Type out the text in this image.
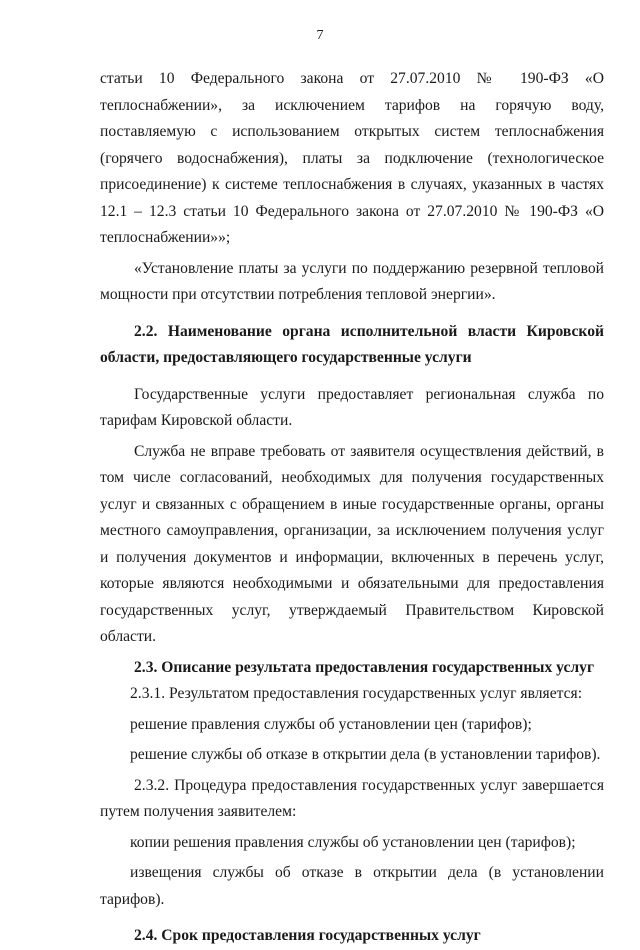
7

статьи 10 Федерального закона от 27.07.2010 № 190-ФЗ «О теплоснабжении», за исключением тарифов на горячую воду, поставляемую с использованием открытых систем теплоснабжения (горячего водоснабжения), платы за подключение (технологическое присоединение) к системе теплоснабжения в случаях, указанных в частях 12.1 – 12.3 статьи 10 Федерального закона от 27.07.2010 № 190-ФЗ «О теплоснабжении»»;

«Установление платы за услуги по поддержанию резервной тепловой мощности при отсутствии потребления тепловой энергии».

2.2. Наименование органа исполнительной власти Кировской области, предоставляющего государственные услуги

Государственные услуги предоставляет региональная служба по тарифам Кировской области.

Служба не вправе требовать от заявителя осуществления действий, в том числе согласований, необходимых для получения государственных услуг и связанных с обращением в иные государственные органы, органы местного самоуправления, организации, за исключением получения услуг и получения документов и информации, включенных в перечень услуг, которые являются необходимыми и обязательными для предоставления государственных услуг, утверждаемый Правительством Кировской области.

2.3. Описание результата предоставления государственных услуг

2.3.1. Результатом предоставления государственных услуг является:

решение правления службы об установлении цен (тарифов);

решение службы об отказе в открытии дела (в установлении тарифов).

2.3.2. Процедура предоставления государственных услуг завершается путем получения заявителем:

копии решения правления службы об установлении цен (тарифов);

извещения службы об отказе в открытии дела (в установлении тарифов).

2.4. Срок предоставления государственных услуг
